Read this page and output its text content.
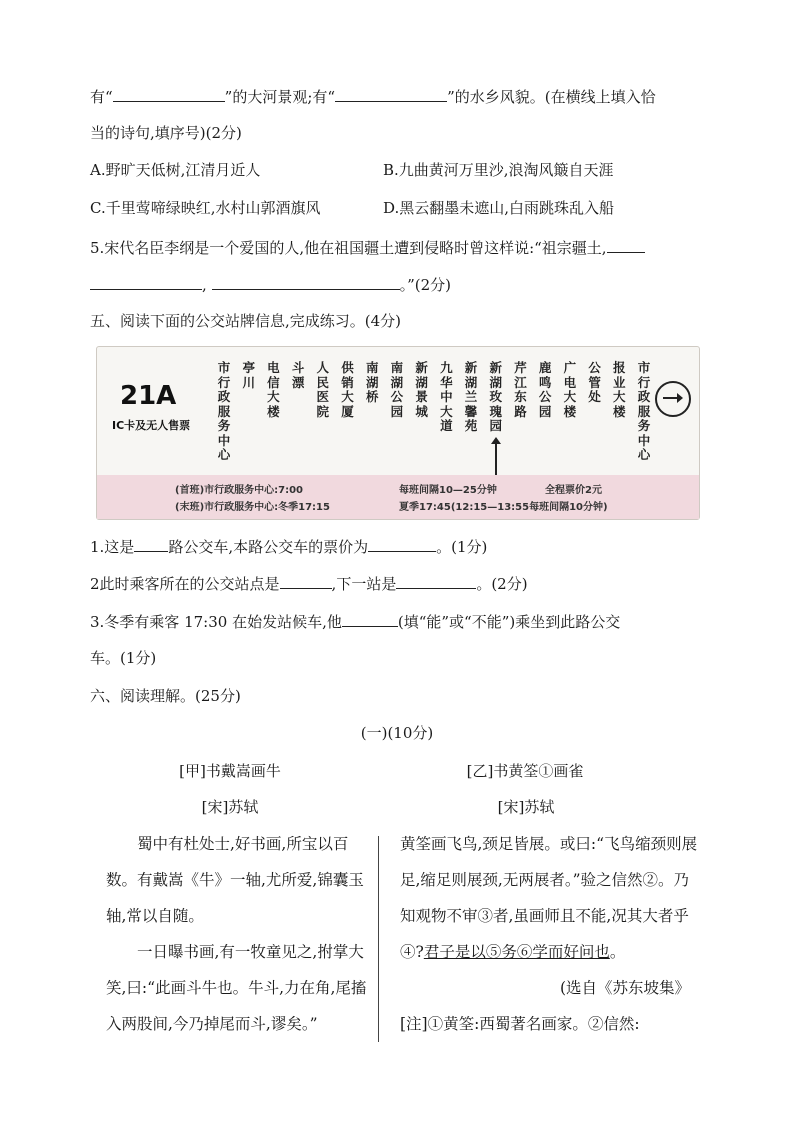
有“	”的大河景观;有“	”的水乡风貌。(在横线上填入恰
当的诗句,填序号)(2分)
A.野旷天低树,江清月近人	B.九曲黄河万里沙,浪淘风簸自天涯
C.千里莺啼绿映红,水村山郭酒旗风	D.黑云翻墨未遮山,白雨跳珠乱入船
5.宋代名臣李纲是一个爱国的人,他在祖国疆土遭到侵略时曾这样说:“祖宗疆土,
,	。”(2分)
五、阅读下面的公交站牌信息,完成练习。(4分)
21A
IC卡及无人售票
市行政服务中心
亭川
电信大楼
斗漂
人民医院
供销大厦
南湖桥
南湖公园
新湖景城
九华中大道
新湖兰馨苑
新湖玫瑰园
芹江东路
鹿鸣公园
广电大楼
公管处
报业大楼
市行政服务中心
(首班)市行政服务中心:7:00
(末班)市行政服务中心:冬季17:15
每班间隔10—25分钟	全程票价2元
夏季17:45(12:15—13:55每班间隔10分钟)
1.这是 路公交车,本路公交车的票价为	。(1分)
2此时乘客所在的公交站点是	,下一站是	。(2分)
3.冬季有乘客 17:30 在始发站候车,他	(填“能”或“不能”)乘坐到此路公交
车。(1分)
六、阅读理解。(25分)
(一)(10分)
[甲]书戴嵩画牛	[乙]书黄筌①画雀
[宋]苏轼	[宋]苏轼

蜀中有杜处士,好书画,所宝以百数。有戴嵩《牛》一轴,尤所爱,锦囊玉轴,常以自随。

一日曝书画,有一牧童见之,拊掌大笑,曰:“此画斗牛也。牛斗,力在角,尾搐入两股间,今乃掉尾而斗,谬矣。”

黄筌画飞鸟,颈足皆展。或曰:“飞鸟缩颈则展足,缩足则展颈,无两展者。”验之信然②。乃知观物不审③者,虽画师且不能,况其大者乎④?君子是以⑤务⑥学而好问也。

(选自《苏东坡集》

[注]①黄筌:西蜀著名画家。②信然:
